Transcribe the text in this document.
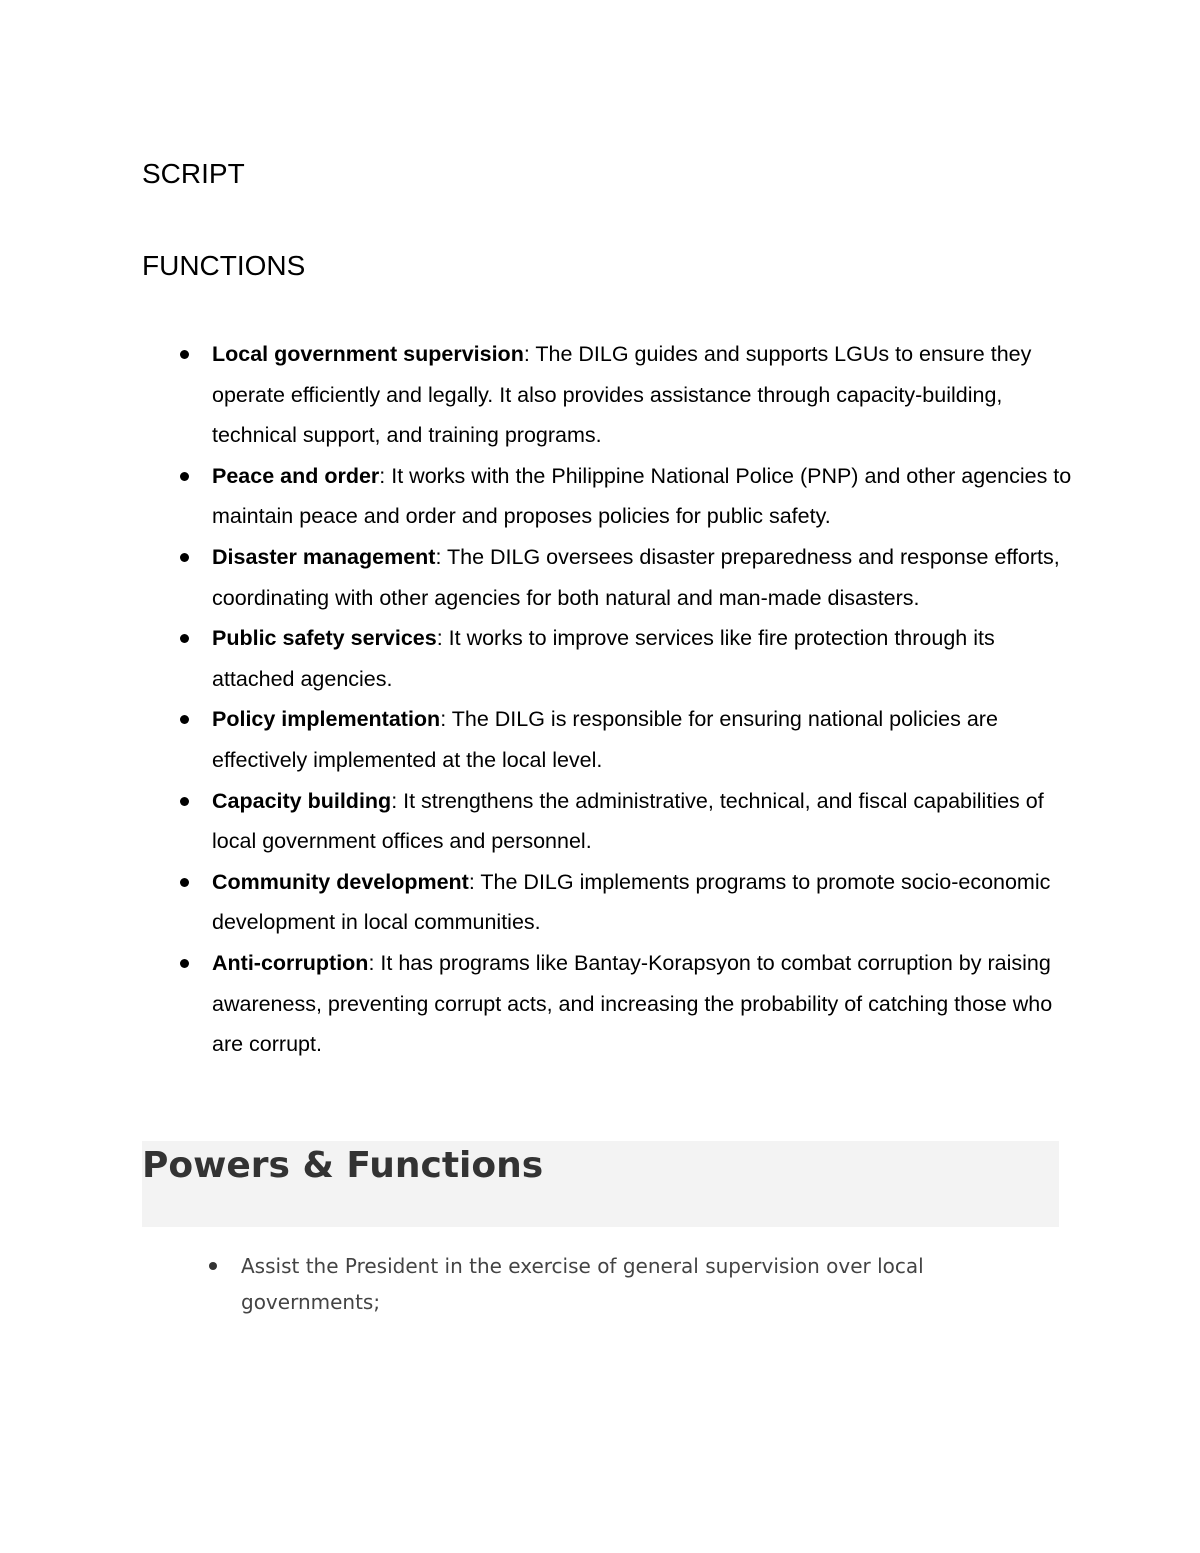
SCRIPT
FUNCTIONS
Local government supervision: The DILG guides and supports LGUs to ensure they operate efficiently and legally. It also provides assistance through capacity-building, technical support, and training programs.
Peace and order: It works with the Philippine National Police (PNP) and other agencies to maintain peace and order and proposes policies for public safety.
Disaster management: The DILG oversees disaster preparedness and response efforts, coordinating with other agencies for both natural and man-made disasters.
Public safety services: It works to improve services like fire protection through its attached agencies.
Policy implementation: The DILG is responsible for ensuring national policies are effectively implemented at the local level.
Capacity building: It strengthens the administrative, technical, and fiscal capabilities of local government offices and personnel.
Community development: The DILG implements programs to promote socio-economic development in local communities.
Anti-corruption: It has programs like Bantay-Korapsyon to combat corruption by raising awareness, preventing corrupt acts, and increasing the probability of catching those who are corrupt.
Powers & Functions
Assist the President in the exercise of general supervision over local governments;
